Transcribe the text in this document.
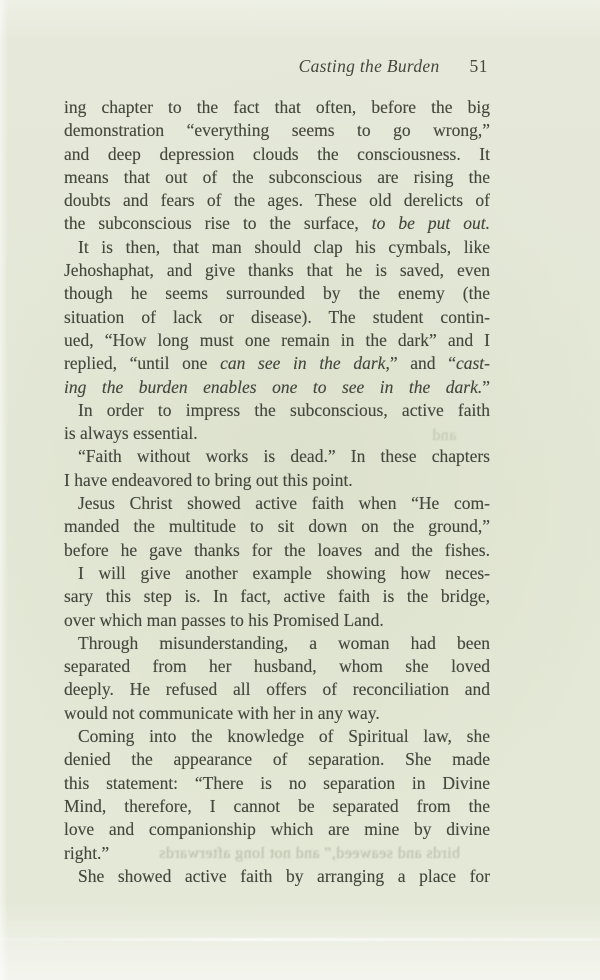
Casting the Burden 51
ing chapter to the fact that often, before the big
demonstration “everything seems to go wrong,”
and deep depression clouds the consciousness. It
means that out of the subconscious are rising the
doubts and fears of the ages. These old derelicts of
the subconscious rise to the surface, to be put out.
It is then, that man should clap his cymbals, like
Jehoshaphat, and give thanks that he is saved, even
though he seems surrounded by the enemy (the
situation of lack or disease). The student contin-
ued, “How long must one remain in the dark” and I
replied, “until one can see in the dark,” and “cast-
ing the burden enables one to see in the dark.”
In order to impress the subconscious, active faith
is always essential.
“Faith without works is dead.” In these chapters
I have endeavored to bring out this point.
Jesus Christ showed active faith when “He com-
manded the multitude to sit down on the ground,”
before he gave thanks for the loaves and the fishes.
I will give another example showing how neces-
sary this step is. In fact, active faith is the bridge,
over which man passes to his Promised Land.
Through misunderstanding, a woman had been
separated from her husband, whom she loved
deeply. He refused all offers of reconciliation and
would not communicate with her in any way.
Coming into the knowledge of Spiritual law, she
denied the appearance of separation. She made
this statement: “There is no separation in Divine
Mind, therefore, I cannot be separated from the
love and companionship which are mine by divine
right.”
She showed active faith by arranging a place for
birds and seaweed,” and not long afterwards
and
